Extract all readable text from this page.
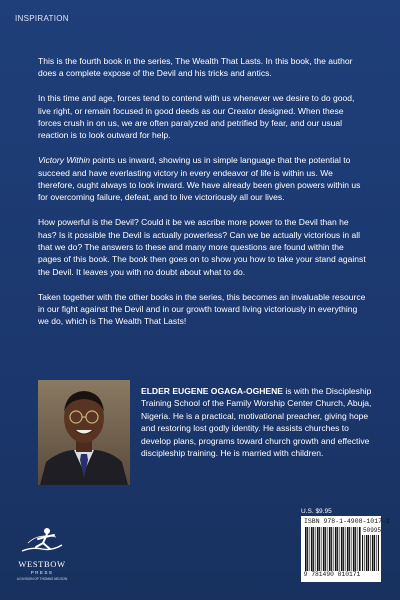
INSPIRATION

This is the fourth book in the series, The Wealth That Lasts. In this book, the author does a complete expose of the Devil and his tricks and antics.

In this time and age, forces tend to contend with us whenever we desire to do good, live right, or remain focused in good deeds as our Creator designed. When these forces crush in on us, we are often paralyzed and petrified by fear, and our usual reaction is to look outward for help.

Victory Within points us inward, showing us in simple language that the potential to succeed and have everlasting victory in every endeavor of life is within us. We therefore, ought always to look inward. We have already been given powers within us for overcoming failure, defeat, and to live victoriously all our lives.

How powerful is the Devil? Could it be we ascribe more power to the Devil than he has? Is it possible the Devil is actually powerless? Can we be actually victorious in all that we do? The answers to these and many more questions are found within the pages of this book. The book then goes on to show you how to take your stand against the Devil. It leaves you with no doubt about what to do.

Taken together with the other books in the series, this becomes an invaluable resource in our fight against the Devil and in our growth toward living victoriously in everything we do, which is The Wealth That Lasts!

ELDER EUGENE OGAGA-OGHENE is with the Discipleship Training School of the Family Worship Center Church, Abuja, Nigeria. He is a practical, motivational preacher, giving hope and restoring lost godly identity. He assists churches to develop plans, programs toward church growth and effective discipleship training. He is married with children.
U.S. $9.95
ISBN 978-1-4908-1017-1
9 781490 810171
50995
WESTBOW
PRESS
A DIVISION OF THOMAS NELSON
